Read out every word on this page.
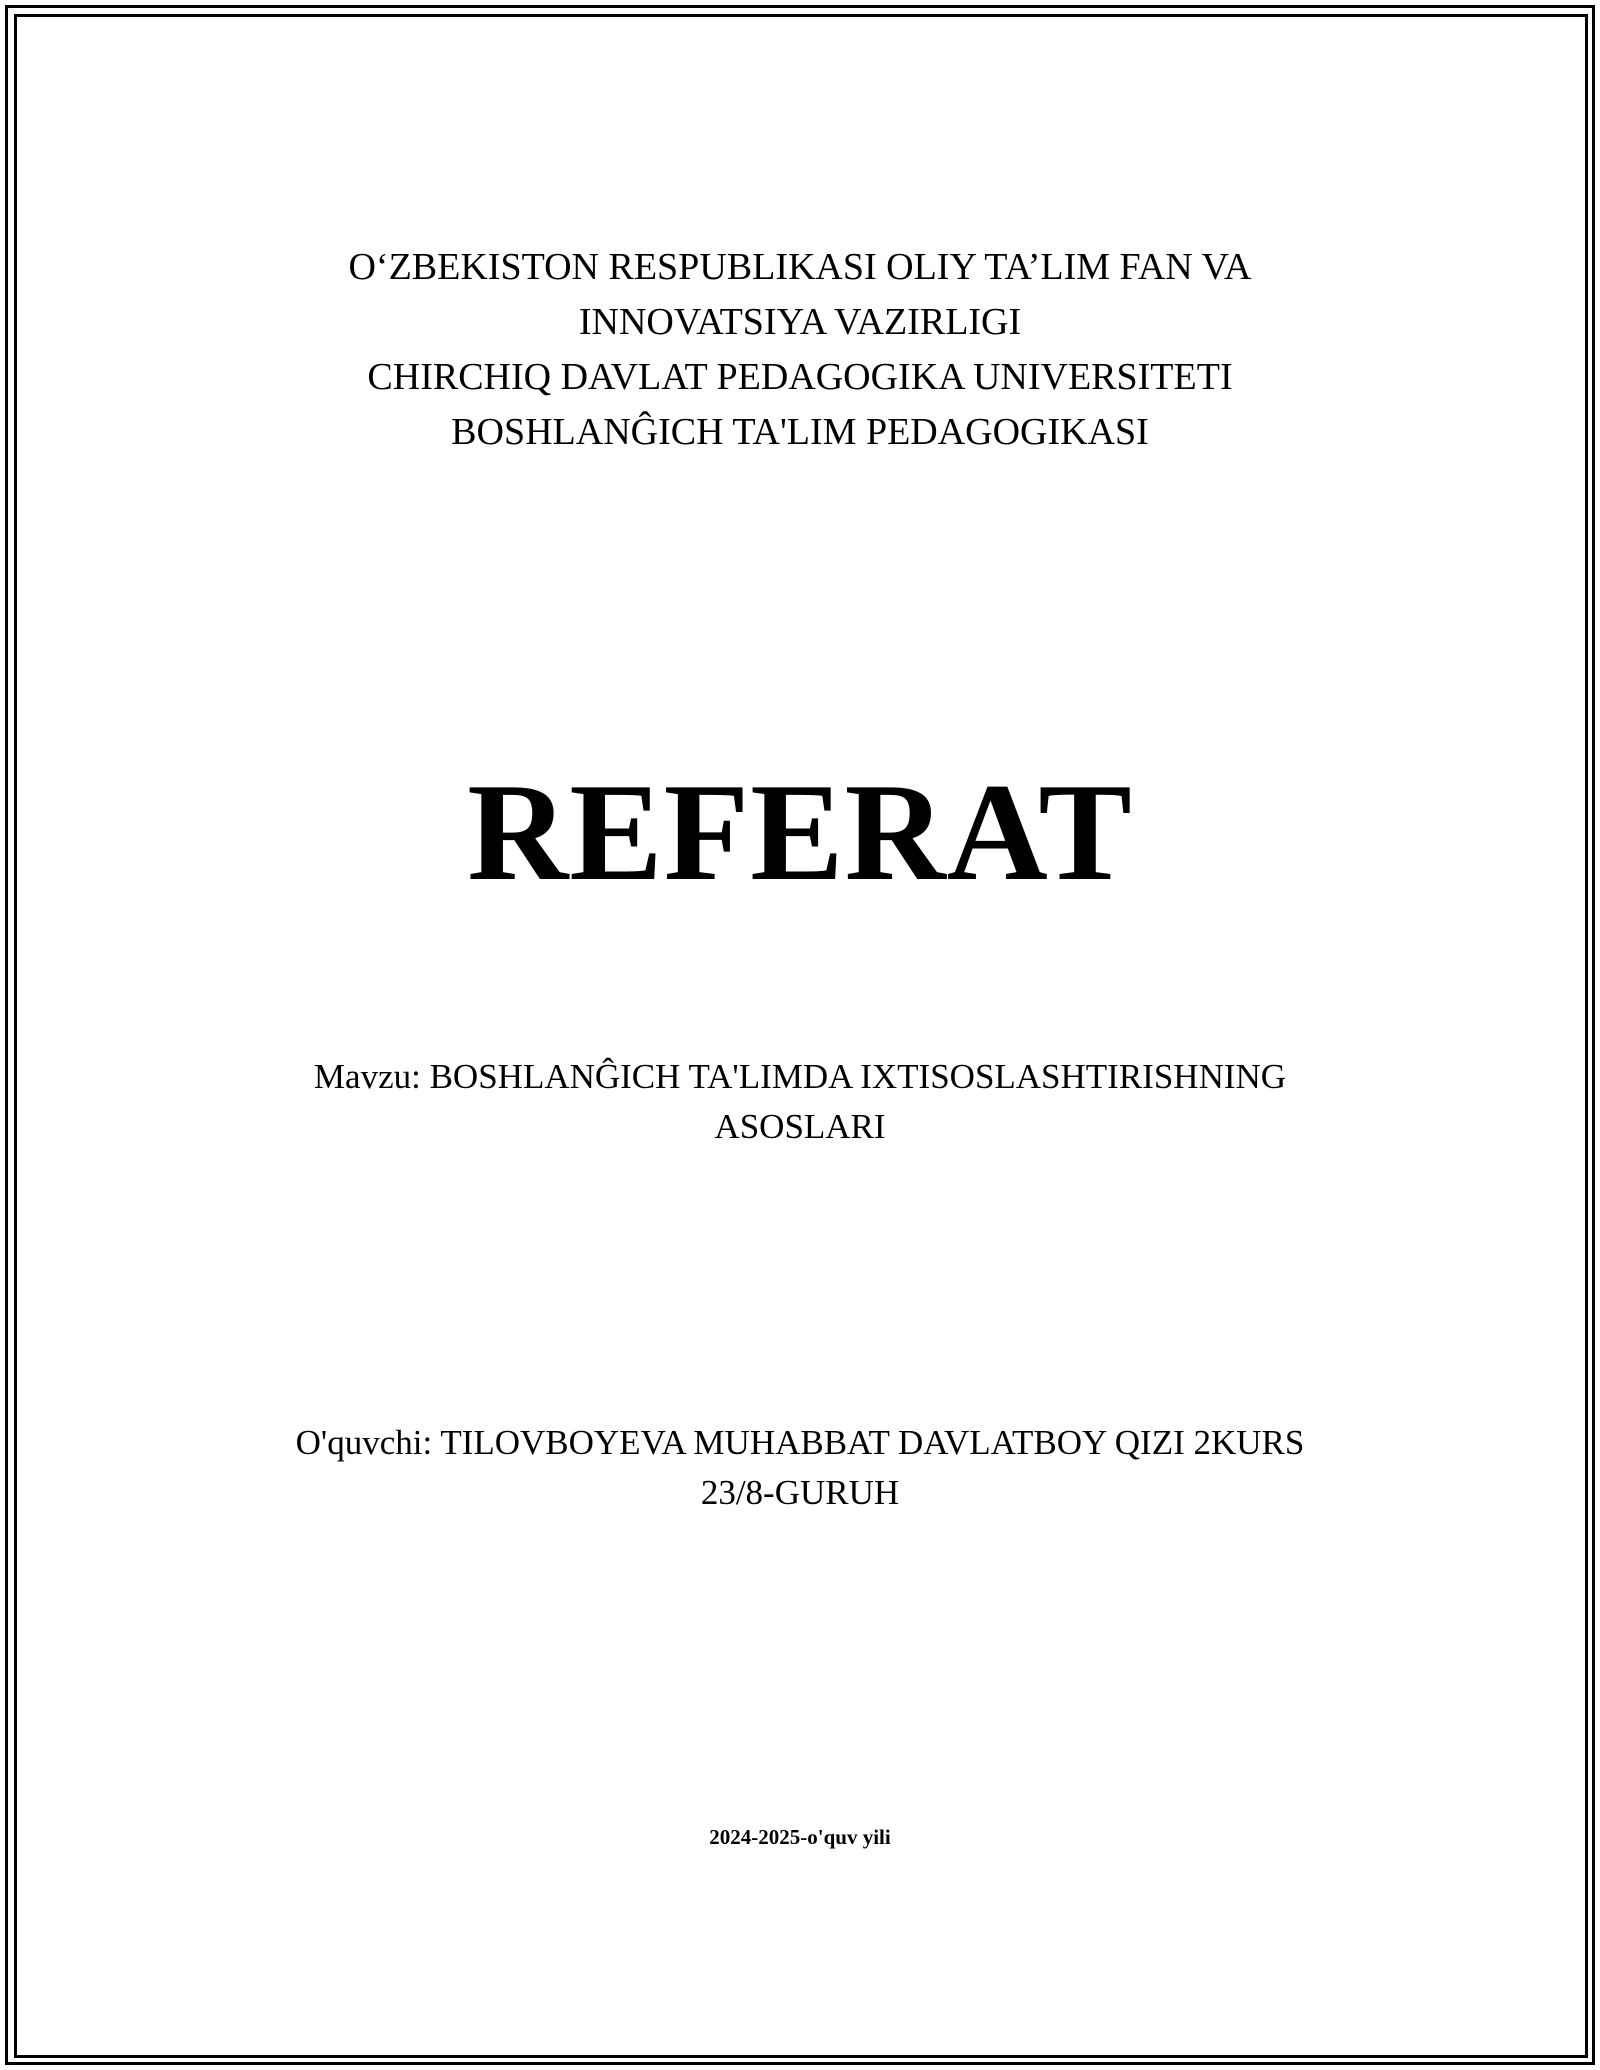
O‘ZBEKISTON RESPUBLIKASI OLIY TA’LIM FAN VA
INNOVATSIYA VAZIRLIGI
CHIRCHIQ DAVLAT PEDAGOGIKA UNIVERSITETI
BOSHLANĜICH TA'LIM PEDAGOGIKASI
REFERAT
Mavzu: BOSHLANĜICH TA'LIMDA IXTISOSLASHTIRISHNING
ASOSLARI
O'quvchi: TILOVBOYEVA MUHABBAT DAVLATBOY QIZI 2KURS
23/8-GURUH
2024-2025-o'quv yili
